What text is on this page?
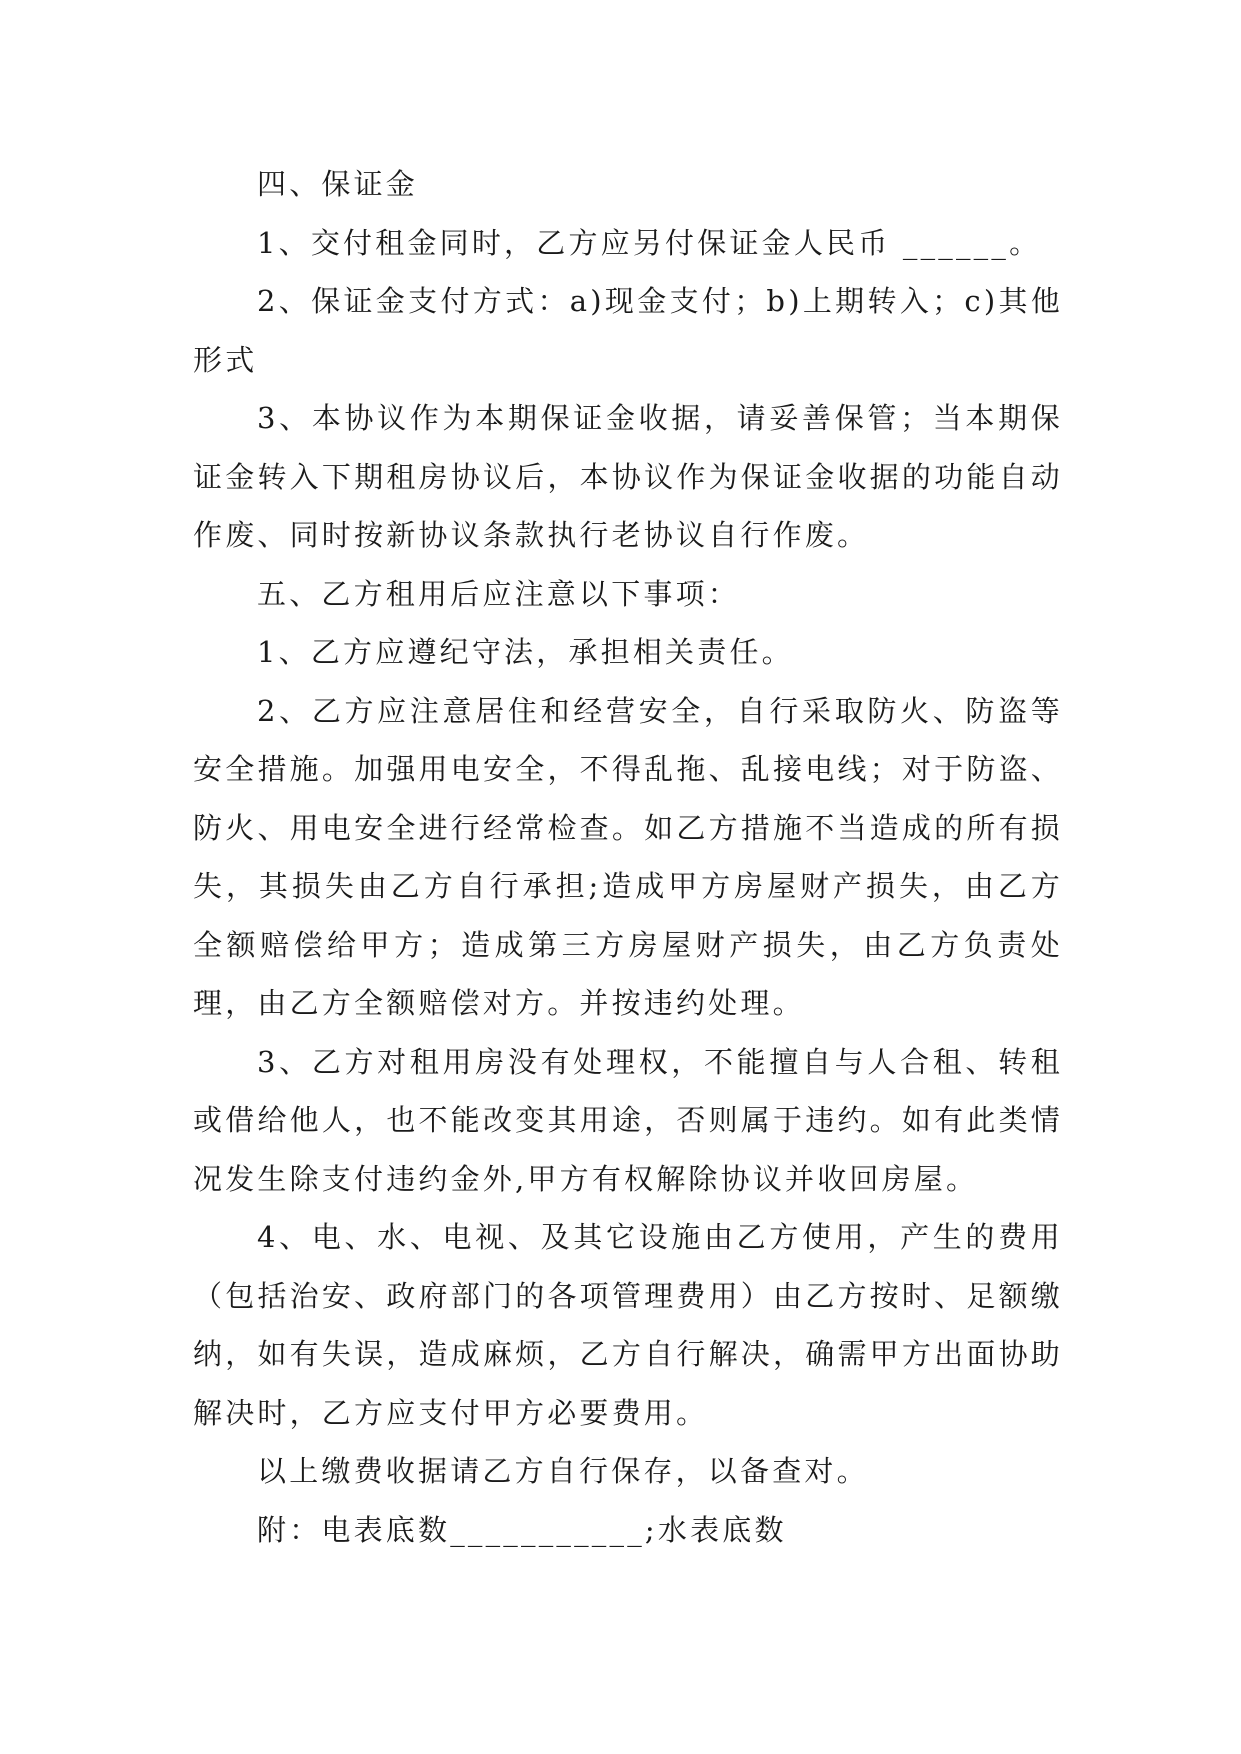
四、保证金

1、交付租金同时，乙方应另付保证金人民币 ______。

2、保证金支付方式：a)现金支付；b)上期转入；c)其他形式

3、本协议作为本期保证金收据，请妥善保管；当本期保证金转入下期租房协议后，本协议作为保证金收据的功能自动作废、同时按新协议条款执行老协议自行作废。

五、乙方租用后应注意以下事项：

1、乙方应遵纪守法，承担相关责任。

2、乙方应注意居住和经营安全，自行采取防火、防盗等安全措施。加强用电安全，不得乱拖、乱接电线；对于防盗、防火、用电安全进行经常检查。如乙方措施不当造成的所有损失，其损失由乙方自行承担;造成甲方房屋财产损失，由乙方全额赔偿给甲方；造成第三方房屋财产损失，由乙方负责处理，由乙方全额赔偿对方。并按违约处理。

3、乙方对租用房没有处理权，不能擅自与人合租、转租或借给他人，也不能改变其用途，否则属于违约。如有此类情况发生除支付违约金外,甲方有权解除协议并收回房屋。

4、电、水、电视、及其它设施由乙方使用，产生的费用（包括治安、政府部门的各项管理费用）由乙方按时、足额缴纳，如有失误，造成麻烦，乙方自行解决，确需甲方出面协助解决时，乙方应支付甲方必要费用。

以上缴费收据请乙方自行保存，以备查对。

附：电表底数___________;水表底数
